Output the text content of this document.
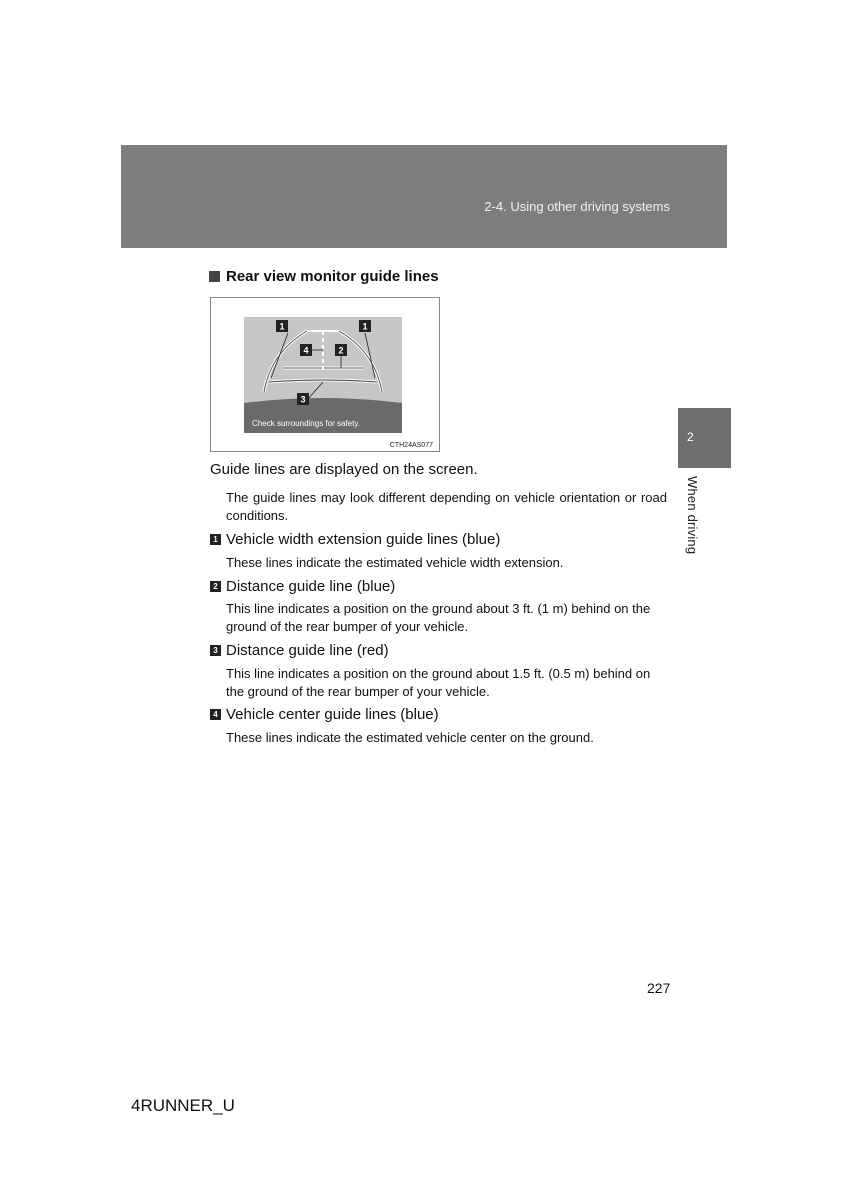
2-4. Using other driving systems
2
When driving
Rear view monitor guide lines
1	1
4	2
3
Check surroundings for safety.
CTH24AS077
Guide lines are displayed on the screen.
The guide lines may look different depending on vehicle orientation or road conditions.
1 Vehicle width extension guide lines (blue)
These lines indicate the estimated vehicle width extension.
2 Distance guide line (blue)
This line indicates a position on the ground about 3 ft. (1 m) behind on the ground of the rear bumper of your vehicle.
3 Distance guide line (red)
This line indicates a position on the ground about 1.5 ft. (0.5 m) behind on the ground of the rear bumper of your vehicle.
4 Vehicle center guide lines (blue)
These lines indicate the estimated vehicle center on the ground.
227
4RUNNER_U
